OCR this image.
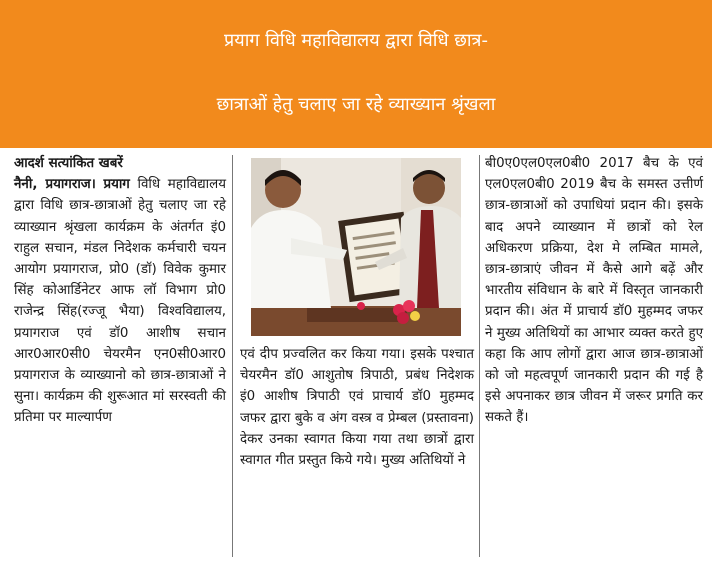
प्रयाग विधि महाविद्यालय द्वारा विधि छात्र-
छात्राओं हेतु चलाए जा रहे व्याख्यान श्रृंखला

आदर्श सत्यांकित खबरें

नैनी, प्रयागराज। प्रयाग विधि महाविद्यालय द्वारा विधि छात्र-छात्राओं हेतु चलाए जा रहे व्याख्यान श्रृंखला कार्यक्रम के अंतर्गत इं0 राहुल सचान, मंडल निदेशक कर्मचारी चयन आयोग प्रयागराज, प्रो0 (डॉ) विवेक कुमार सिंह कोआर्डिनेटर आफ लॉ विभाग प्रो0 राजेन्द्र सिंह(रज्जू भैया) विश्वविद्यालय, प्रयागराज एवं डॉ0 आशीष सचान आर0आर0सी0 चेयरमैन एन0सी0आर0 प्रयागराज के व्याख्यानो को छात्र-छात्राओं ने सुना। कार्यक्रम की शुरूआत मां सरस्वती की प्रतिमा पर माल्यार्पण

एवं दीप प्रज्वलित कर किया गया। इसके पश्चात चेयरमैन डॉ0 आशुतोष त्रिपाठी, प्रबंध निदेशक इं0 आशीष त्रिपाठी एवं प्राचार्य डॉ0 मुहम्मद जफर द्वारा बुके व अंग वस्त्र व प्रेम्बल (प्रस्तावना) देकर उनका स्वागत किया गया तथा छात्रों द्वारा स्वागत गीत प्रस्तुत किये गये। मुख्य अतिथियों ने

बी0ए0एल0एल0बी0 2017 बैच के एवं एल0एल0बी0 2019 बैच के समस्त उत्तीर्ण छात्र-छात्राओं को उपाधियां प्रदान की। इसके बाद अपने व्याख्यान में छात्रों को रेल अधिकरण प्रक्रिया, देश मे लम्बित मामले, छात्र-छात्राएं जीवन में कैसे आगे बढ़ें और भारतीय संविधान के बारे में विस्तृत जानकारी प्रदान की। अंत में प्राचार्य डॉ0 मुहम्मद जफर ने मुख्य अतिथियों का आभार व्यक्त करते हुए कहा कि आप लोगों द्वारा आज छात्र-छात्राओं को जो महत्वपूर्ण जानकारी प्रदान की गई है इसे अपनाकर छात्र जीवन में जरूर प्रगति कर सकते हैं।
